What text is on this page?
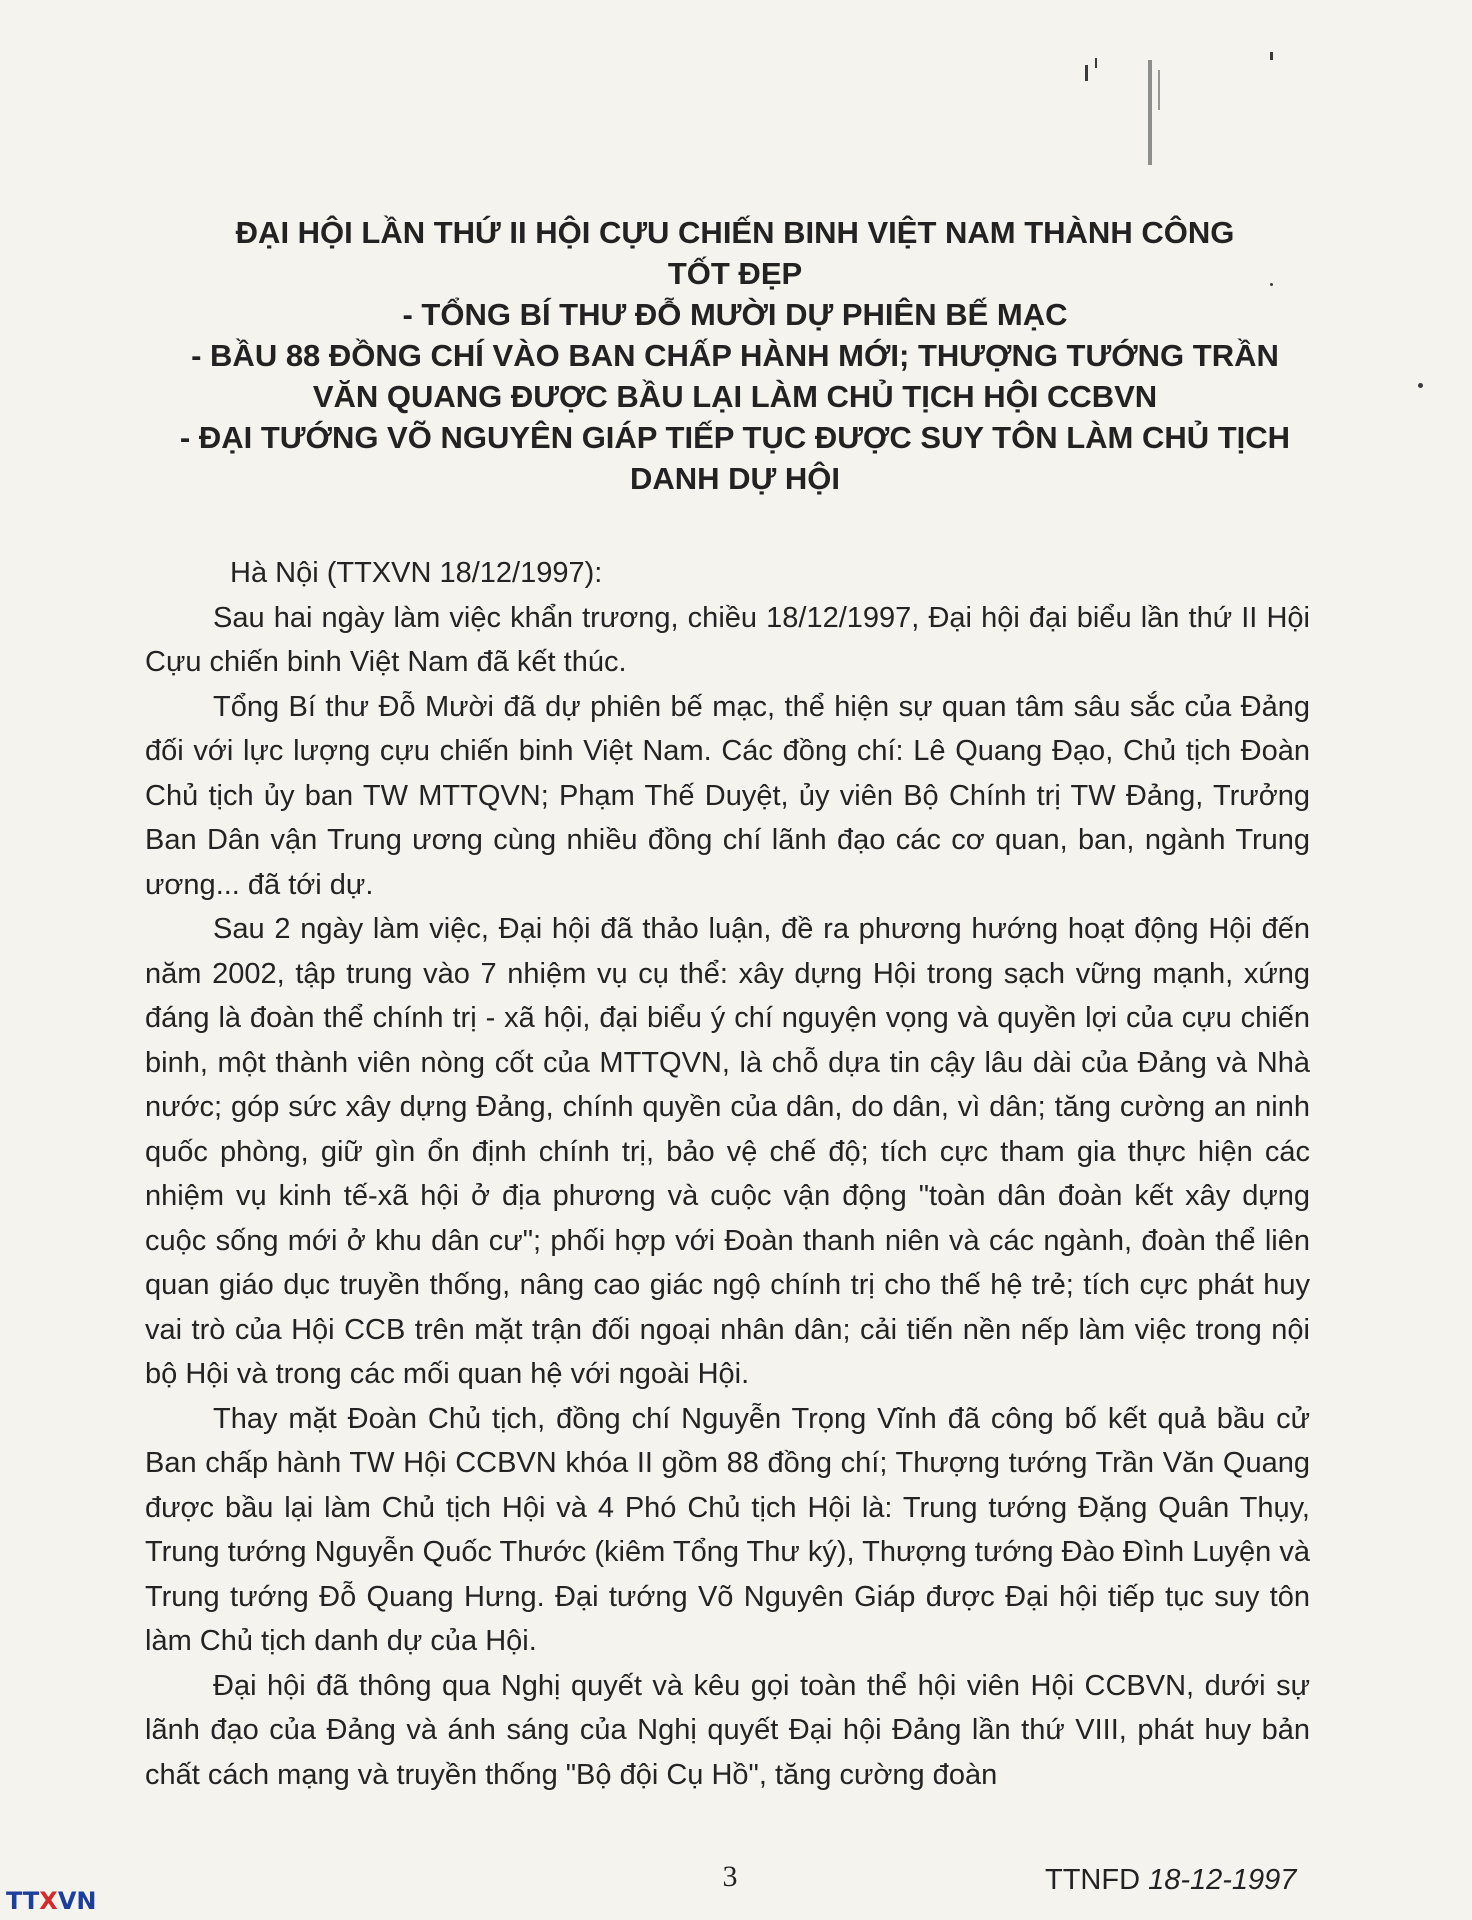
ĐẠI HỘI LẦN THỨ II HỘI CỰU CHIẾN BINH VIỆT NAM THÀNH CÔNG
TỐT ĐẸP
- TỔNG BÍ THƯ ĐỖ MƯỜI DỰ PHIÊN BẾ MẠC
- BẦU 88 ĐỒNG CHÍ VÀO BAN CHẤP HÀNH MỚI; THƯỢNG TƯỚNG TRẦN
VĂN QUANG ĐƯỢC BẦU LẠI LÀM CHỦ TỊCH HỘI CCBVN
- ĐẠI TƯỚNG VÕ NGUYÊN GIÁP TIẾP TỤC ĐƯỢC SUY TÔN LÀM CHỦ TỊCH
DANH DỰ HỘI

Hà Nội (TTXVN 18/12/1997):

Sau hai ngày làm việc khẩn trương, chiều 18/12/1997, Đại hội đại biểu lần thứ II Hội Cựu chiến binh Việt Nam đã kết thúc.

Tổng Bí thư Đỗ Mười đã dự phiên bế mạc, thể hiện sự quan tâm sâu sắc của Đảng đối với lực lượng cựu chiến binh Việt Nam. Các đồng chí: Lê Quang Đạo, Chủ tịch Đoàn Chủ tịch ủy ban TW MTTQVN; Phạm Thế Duyệt, ủy viên Bộ Chính trị TW Đảng, Trưởng Ban Dân vận Trung ương cùng nhiều đồng chí lãnh đạo các cơ quan, ban, ngành Trung ương... đã tới dự.

Sau 2 ngày làm việc, Đại hội đã thảo luận, đề ra phương hướng hoạt động Hội đến năm 2002, tập trung vào 7 nhiệm vụ cụ thể: xây dựng Hội trong sạch vững mạnh, xứng đáng là đoàn thể chính trị - xã hội, đại biểu ý chí nguyện vọng và quyền lợi của cựu chiến binh, một thành viên nòng cốt của MTTQVN, là chỗ dựa tin cậy lâu dài của Đảng và Nhà nước; góp sức xây dựng Đảng, chính quyền của dân, do dân, vì dân; tăng cường an ninh quốc phòng, giữ gìn ổn định chính trị, bảo vệ chế độ; tích cực tham gia thực hiện các nhiệm vụ kinh tế-xã hội ở địa phương và cuộc vận động "toàn dân đoàn kết xây dựng cuộc sống mới ở khu dân cư"; phối hợp với Đoàn thanh niên và các ngành, đoàn thể liên quan giáo dục truyền thống, nâng cao giác ngộ chính trị cho thế hệ trẻ; tích cực phát huy vai trò của Hội CCB trên mặt trận đối ngoại nhân dân; cải tiến nền nếp làm việc trong nội bộ Hội và trong các mối quan hệ với ngoài Hội.

Thay mặt Đoàn Chủ tịch, đồng chí Nguyễn Trọng Vĩnh đã công bố kết quả bầu cử Ban chấp hành TW Hội CCBVN khóa II gồm 88 đồng chí; Thượng tướng Trần Văn Quang được bầu lại làm Chủ tịch Hội và 4 Phó Chủ tịch Hội là: Trung tướng Đặng Quân Thụy, Trung tướng Nguyễn Quốc Thước (kiêm Tổng Thư ký), Thượng tướng Đào Đình Luyện và Trung tướng Đỗ Quang Hưng. Đại tướng Võ Nguyên Giáp được Đại hội tiếp tục suy tôn làm Chủ tịch danh dự của Hội.

Đại hội đã thông qua Nghị quyết và kêu gọi toàn thể hội viên Hội CCBVN, dưới sự lãnh đạo của Đảng và ánh sáng của Nghị quyết Đại hội Đảng lần thứ VIII, phát huy bản chất cách mạng và truyền thống "Bộ đội Cụ Hồ", tăng cường đoàn

3	TTNFD 18-12-1997
TTXVN
